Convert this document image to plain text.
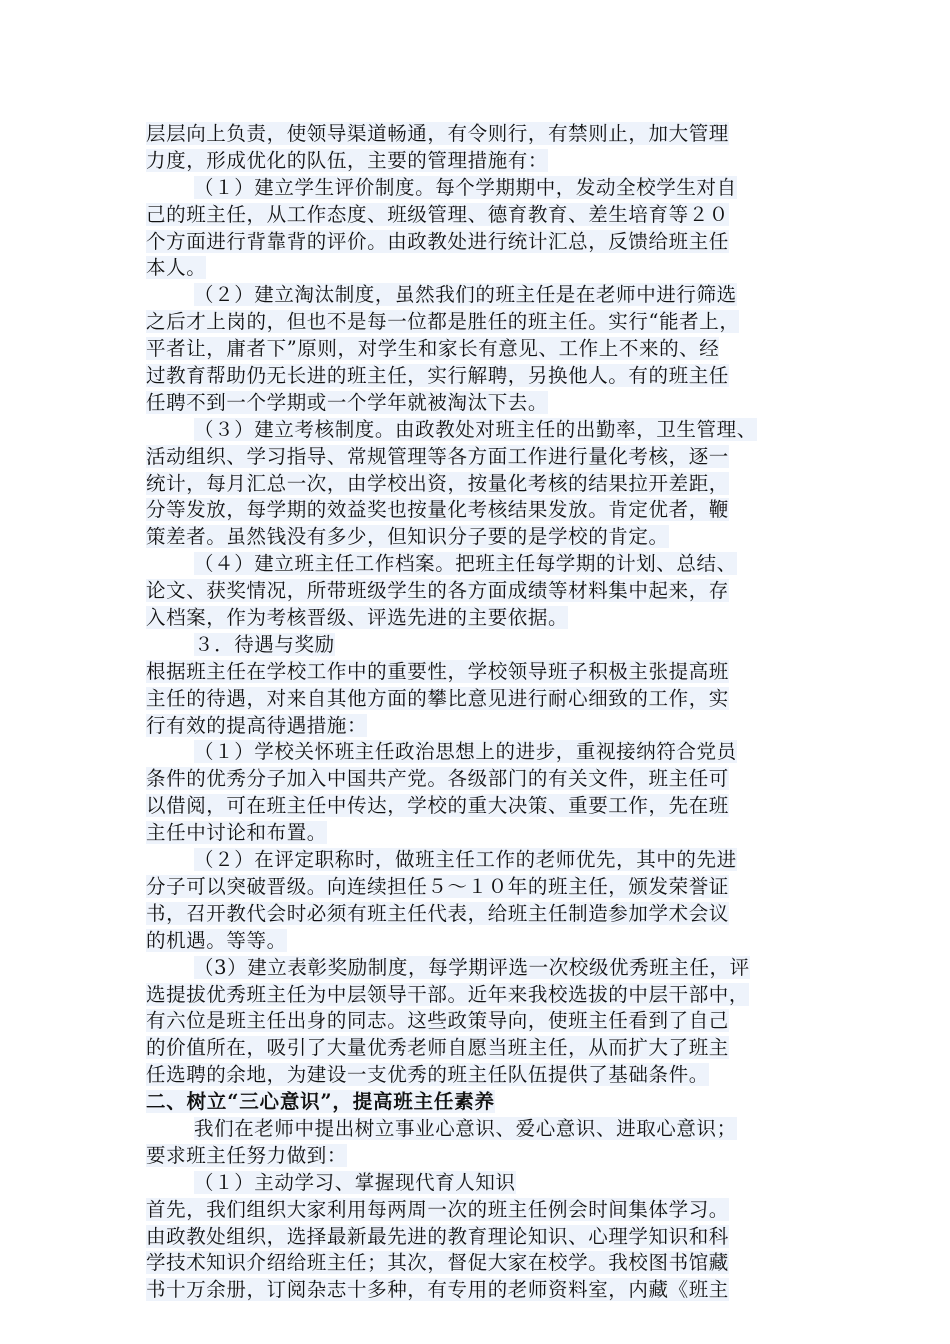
层层向上负责，使领导渠道畅通，有令则行，有禁则止，加大管理
力度，形成优化的队伍，主要的管理措施有：
（１）建立学生评价制度。每个学期期中，发动全校学生对自
己的班主任，从工作态度、班级管理、德育教育、差生培育等２０
个方面进行背靠背的评价。由政教处进行统计汇总，反馈给班主任
本人。
（２）建立淘汰制度，虽然我们的班主任是在老师中进行筛选
之后才上岗的，但也不是每一位都是胜任的班主任。实行“能者上，
平者让，庸者下”原则，对学生和家长有意见、工作上不来的、经
过教育帮助仍无长进的班主任，实行解聘，另换他人。有的班主任
任聘不到一个学期或一个学年就被淘汰下去。
（３）建立考核制度。由政教处对班主任的出勤率，卫生管理、
活动组织、学习指导、常规管理等各方面工作进行量化考核，逐一
统计，每月汇总一次，由学校出资，按量化考核的结果拉开差距，
分等发放，每学期的效益奖也按量化考核结果发放。肯定优者，鞭
策差者。虽然钱没有多少，但知识分子要的是学校的肯定。
（４）建立班主任工作档案。把班主任每学期的计划、总结、
论文、获奖情况，所带班级学生的各方面成绩等材料集中起来，存
入档案，作为考核晋级、评选先进的主要依据。
３．待遇与奖励
根据班主任在学校工作中的重要性，学校领导班子积极主张提高班
主任的待遇，对来自其他方面的攀比意见进行耐心细致的工作，实
行有效的提高待遇措施：
（１）学校关怀班主任政治思想上的进步，重视接纳符合党员
条件的优秀分子加入中国共产党。各级部门的有关文件，班主任可
以借阅，可在班主任中传达，学校的重大决策、重要工作，先在班
主任中讨论和布置。
（２）在评定职称时，做班主任工作的老师优先，其中的先进
分子可以突破晋级。向连续担任５～１０年的班主任，颁发荣誉证
书，召开教代会时必须有班主任代表，给班主任制造参加学术会议
的机遇。等等。
（3）建立表彰奖励制度，每学期评选一次校级优秀班主任，评
选提拔优秀班主任为中层领导干部。近年来我校选拔的中层干部中，
有六位是班主任出身的同志。这些政策导向，使班主任看到了自己
的价值所在，吸引了大量优秀老师自愿当班主任，从而扩大了班主
任选聘的余地，为建设一支优秀的班主任队伍提供了基础条件。
二、树立“三心意识”，提高班主任素养
我们在老师中提出树立事业心意识、爱心意识、进取心意识；
要求班主任努力做到：
（１）主动学习、掌握现代育人知识
首先，我们组织大家利用每两周一次的班主任例会时间集体学习。
由政教处组织，选择最新最先进的教育理论知识、心理学知识和科
学技术知识介绍给班主任；其次，督促大家在校学。我校图书馆藏
书十万余册，订阅杂志十多种，有专用的老师资料室，内藏《班主
